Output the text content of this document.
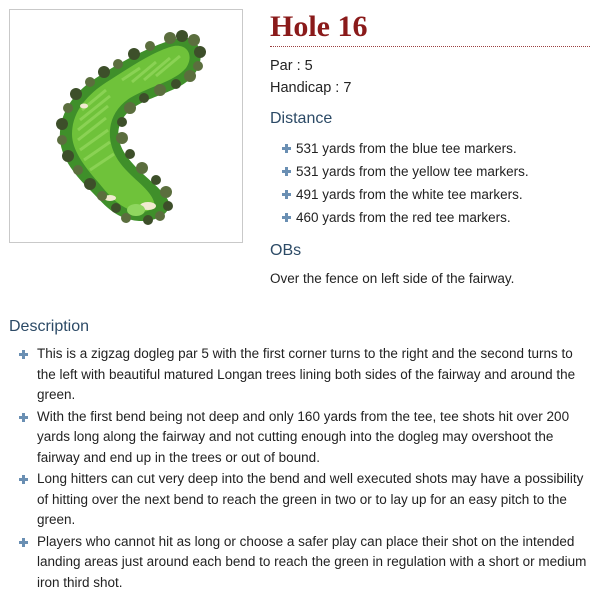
Hole 16
Par : 5
Handicap : 7
Distance
531 yards from the blue tee markers.
531 yards from the yellow tee markers.
491 yards from the white tee markers.
460 yards from the red tee markers.
OBs
Over the fence on left side of the fairway.
Description
This is a zigzag dogleg par 5 with the first corner turns to the right and the second turns to the left with beautiful matured Longan trees lining both sides of the fairway and around the green.
With the first bend being not deep and only 160 yards from the tee, tee shots hit over 200 yards long along the fairway and not cutting enough into the dogleg may overshoot the fairway and end up in the trees or out of bound.
Long hitters can cut very deep into the bend and well executed shots may have a possibility of hitting over the next bend to reach the green in two or to lay up for an easy pitch to the green.
Players who cannot hit as long or choose a safer play can place their shot on the intended landing areas just around each bend to reach the green in regulation with a short or medium iron third shot.
